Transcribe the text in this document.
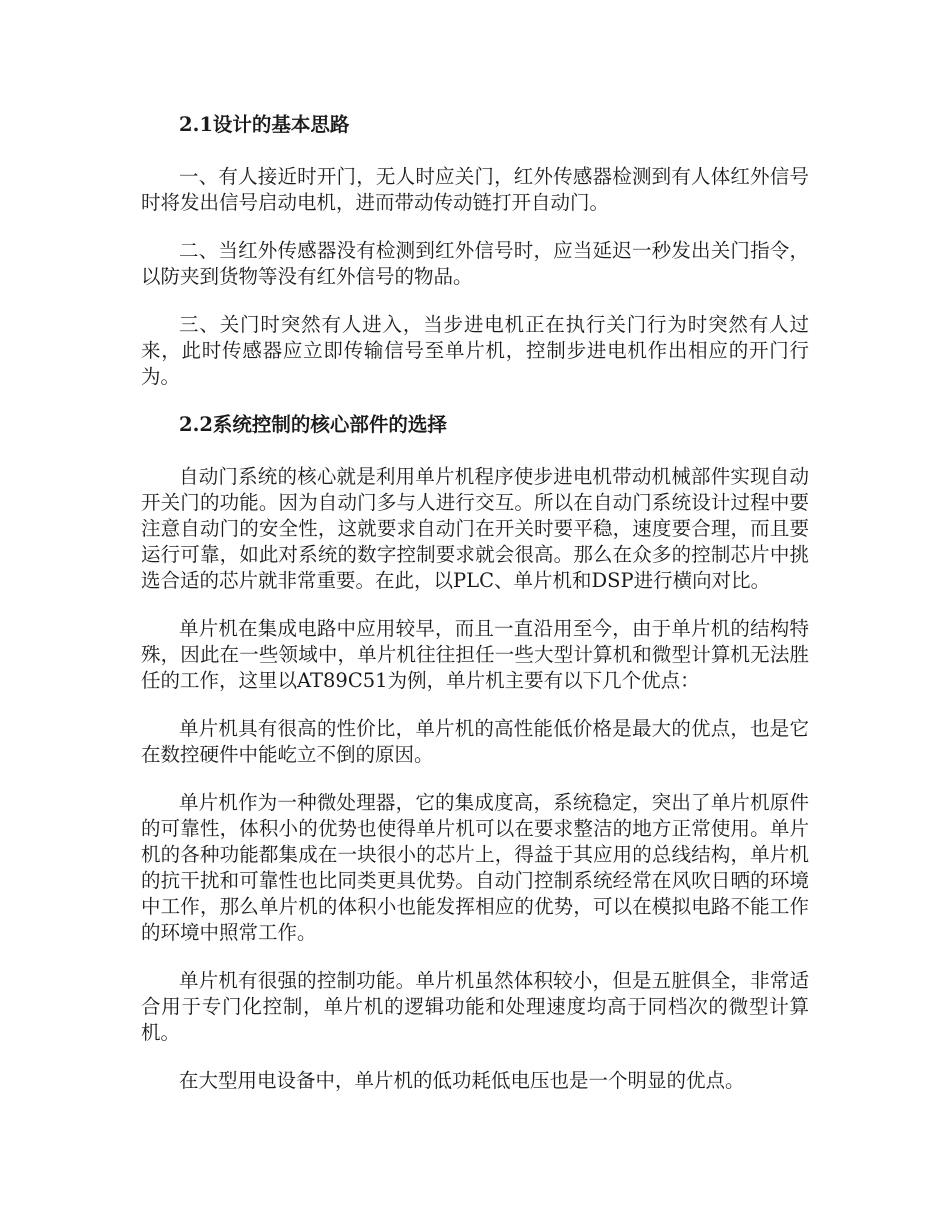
2.1设计的基本思路

一、有人接近时开门，无人时应关门，红外传感器检测到有人体红外信号时将发出信号启动电机，进而带动传动链打开自动门。

二、当红外传感器没有检测到红外信号时，应当延迟一秒发出关门指令，以防夹到货物等没有红外信号的物品。

三、关门时突然有人进入，当步进电机正在执行关门行为时突然有人过来，此时传感器应立即传输信号至单片机，控制步进电机作出相应的开门行为。

2.2系统控制的核心部件的选择

自动门系统的核心就是利用单片机程序使步进电机带动机械部件实现自动开关门的功能。因为自动门多与人进行交互。所以在自动门系统设计过程中要注意自动门的安全性，这就要求自动门在开关时要平稳，速度要合理，而且要运行可靠，如此对系统的数字控制要求就会很高。那么在众多的控制芯片中挑选合适的芯片就非常重要。在此，以PLC、单片机和DSP进行横向对比。

单片机在集成电路中应用较早，而且一直沿用至今，由于单片机的结构特殊，因此在一些领域中，单片机往往担任一些大型计算机和微型计算机无法胜任的工作，这里以AT89C51为例，单片机主要有以下几个优点：

单片机具有很高的性价比，单片机的高性能低价格是最大的优点，也是它在数控硬件中能屹立不倒的原因。

单片机作为一种微处理器，它的集成度高，系统稳定，突出了单片机原件的可靠性，体积小的优势也使得单片机可以在要求整洁的地方正常使用。单片机的各种功能都集成在一块很小的芯片上，得益于其应用的总线结构，单片机的抗干扰和可靠性也比同类更具优势。自动门控制系统经常在风吹日晒的环境中工作，那么单片机的体积小也能发挥相应的优势，可以在模拟电路不能工作的环境中照常工作。

单片机有很强的控制功能。单片机虽然体积较小，但是五脏俱全，非常适合用于专门化控制，单片机的逻辑功能和处理速度均高于同档次的微型计算机。

在大型用电设备中，单片机的低功耗低电压也是一个明显的优点。
